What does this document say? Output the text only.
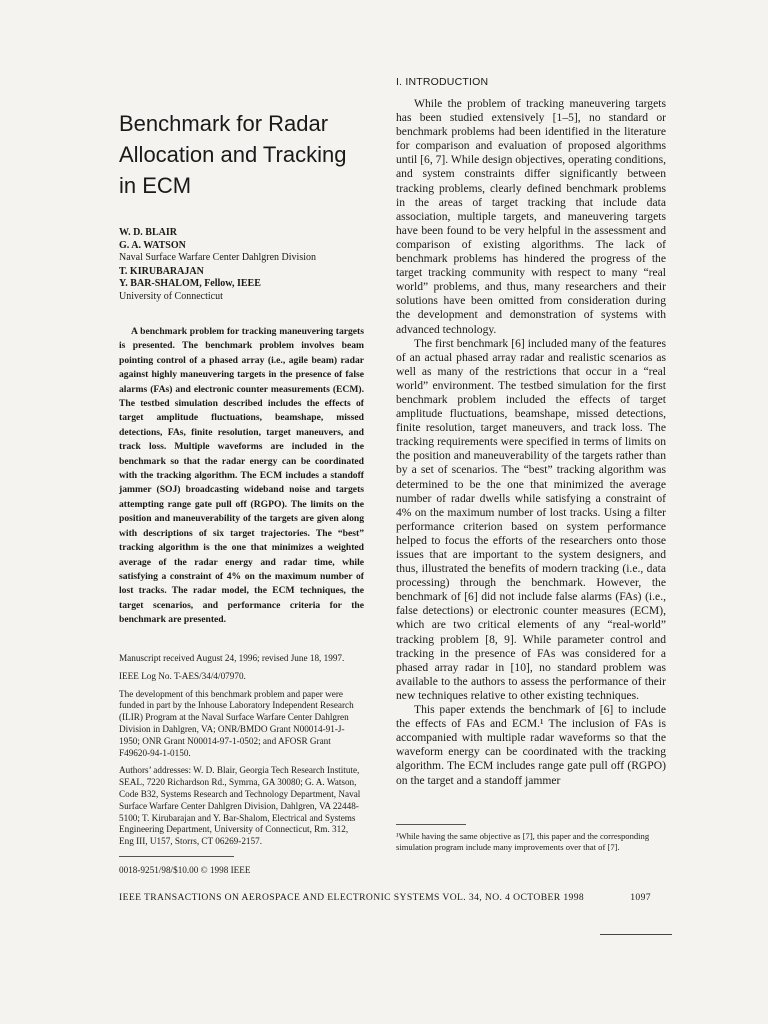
Benchmark for Radar Allocation and Tracking in ECM
W. D. BLAIR
G. A. WATSON
Naval Surface Warfare Center Dahlgren Division
T. KIRUBARAJAN
Y. BAR-SHALOM, Fellow, IEEE
University of Connecticut

A benchmark problem for tracking maneuvering targets is presented. The benchmark problem involves beam pointing control of a phased array (i.e., agile beam) radar against highly maneuvering targets in the presence of false alarms (FAs) and electronic counter measurements (ECM). The testbed simulation described includes the effects of target amplitude fluctuations, beamshape, missed detections, FAs, finite resolution, target maneuvers, and track loss. Multiple waveforms are included in the benchmark so that the radar energy can be coordinated with the tracking algorithm. The ECM includes a standoff jammer (SOJ) broadcasting wideband noise and targets attempting range gate pull off (RGPO). The limits on the position and maneuverability of the targets are given along with descriptions of six target trajectories. The “best” tracking algorithm is the one that minimizes a weighted average of the radar energy and radar time, while satisfying a constraint of 4% on the maximum number of lost tracks. The radar model, the ECM techniques, the target scenarios, and performance criteria for the benchmark are presented.

Manuscript received August 24, 1996; revised June 18, 1997.

IEEE Log No. T-AES/34/4/07970.

The development of this benchmark problem and paper were funded in part by the Inhouse Laboratory Independent Research (ILIR) Program at the Naval Surface Warfare Center Dahlgren Division in Dahlgren, VA; ONR/BMDO Grant N00014-91-J-1950; ONR Grant N00014-97-1-0502; and AFOSR Grant F49620-94-1-0150.

Authors’ addresses: W. D. Blair, Georgia Tech Research Institute, SEAL, 7220 Richardson Rd., Symrna, GA 30080; G. A. Watson, Code B32, Systems Research and Technology Department, Naval Surface Warfare Center Dahlgren Division, Dahlgren, VA 22448-5100; T. Kirubarajan and Y. Bar-Shalom, Electrical and Systems Engineering Department, University of Connecticut, Rm. 312, Eng III, U157, Storrs, CT 06269-2157.

0018-9251/98/$10.00 © 1998 IEEE
I. INTRODUCTION

While the problem of tracking maneuvering targets has been studied extensively [1–5], no standard or benchmark problems had been identified in the literature for comparison and evaluation of proposed algorithms until [6, 7]. While design objectives, operating conditions, and system constraints differ significantly between tracking problems, clearly defined benchmark problems in the areas of target tracking that include data association, multiple targets, and maneuvering targets have been found to be very helpful in the assessment and comparison of existing algorithms. The lack of benchmark problems has hindered the progress of the target tracking community with respect to many “real world” problems, and thus, many researchers and their solutions have been omitted from consideration during the development and demonstration of systems with advanced technology.

The first benchmark [6] included many of the features of an actual phased array radar and realistic scenarios as well as many of the restrictions that occur in a “real world” environment. The testbed simulation for the first benchmark problem included the effects of target amplitude fluctuations, beamshape, missed detections, finite resolution, target maneuvers, and track loss. The tracking requirements were specified in terms of limits on the position and maneuverability of the targets rather than by a set of scenarios. The “best” tracking algorithm was determined to be the one that minimized the average number of radar dwells while satisfying a constraint of 4% on the maximum number of lost tracks. Using a filter performance criterion based on system performance helped to focus the efforts of the researchers onto those issues that are important to the system designers, and thus, illustrated the benefits of modern tracking (i.e., data processing) through the benchmark. However, the benchmark of [6] did not include false alarms (FAs) (i.e., false detections) or electronic counter measures (ECM), which are two critical elements of any “real-world” tracking problem [8, 9]. While parameter control and tracking in the presence of FAs was considered for a phased array radar in [10], no standard problem was available to the authors to assess the performance of their new techniques relative to other existing techniques.

This paper extends the benchmark of [6] to include the effects of FAs and ECM.¹ The inclusion of FAs is accompanied with multiple radar waveforms so that the waveform energy can be coordinated with the tracking algorithm. The ECM includes range gate pull off (RGPO) on the target and a standoff jammer

¹While having the same objective as [7], this paper and the corresponding simulation program include many improvements over that of [7].
IEEE TRANSACTIONS ON AEROSPACE AND ELECTRONIC SYSTEMS VOL. 34, NO. 4 OCTOBER 1998	1097
